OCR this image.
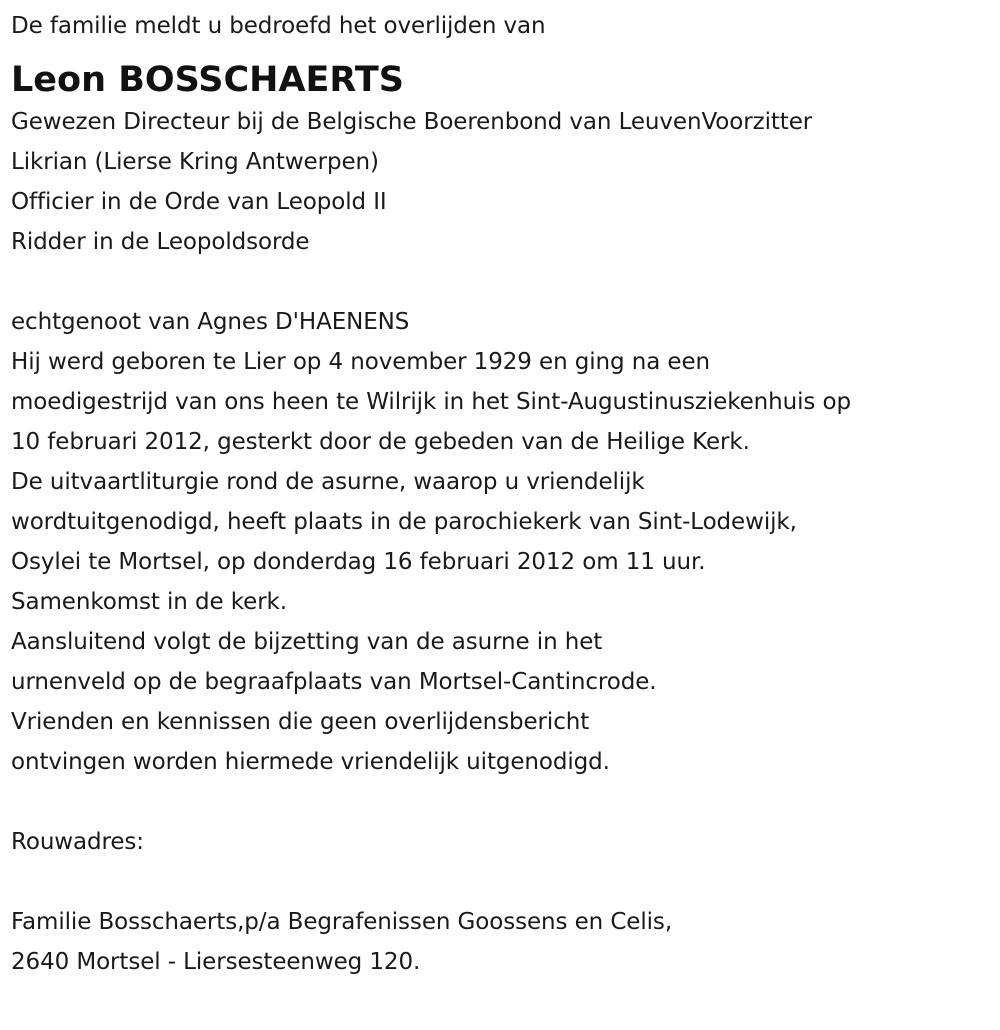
De familie meldt u bedroefd het overlijden van
Leon BOSSCHAERTS
Gewezen Directeur bij de Belgische Boerenbond van LeuvenVoorzitter
Likrian (Lierse Kring Antwerpen)
Officier in de Orde van Leopold II
Ridder in de Leopoldsorde
echtgenoot van Agnes D'HAENENS
Hij werd geboren te Lier op 4 november 1929 en ging na een
moedigestrijd van ons heen te Wilrijk in het Sint-Augustinusziekenhuis op
10 februari 2012, gesterkt door de gebeden van de Heilige Kerk.
De uitvaartliturgie rond de asurne, waarop u vriendelijk
wordtuitgenodigd, heeft plaats in de parochiekerk van Sint-Lodewijk,
Osylei te Mortsel, op donderdag 16 februari 2012 om 11 uur.
Samenkomst in de kerk.
Aansluitend volgt de bijzetting van de asurne in het
urnenveld op de begraafplaats van Mortsel-Cantincrode.
Vrienden en kennissen die geen overlijdensbericht
ontvingen worden hiermede vriendelijk uitgenodigd.
Rouwadres:
Familie Bosschaerts,p/a Begrafenissen Goossens en Celis,
2640 Mortsel - Liersesteenweg 120.
